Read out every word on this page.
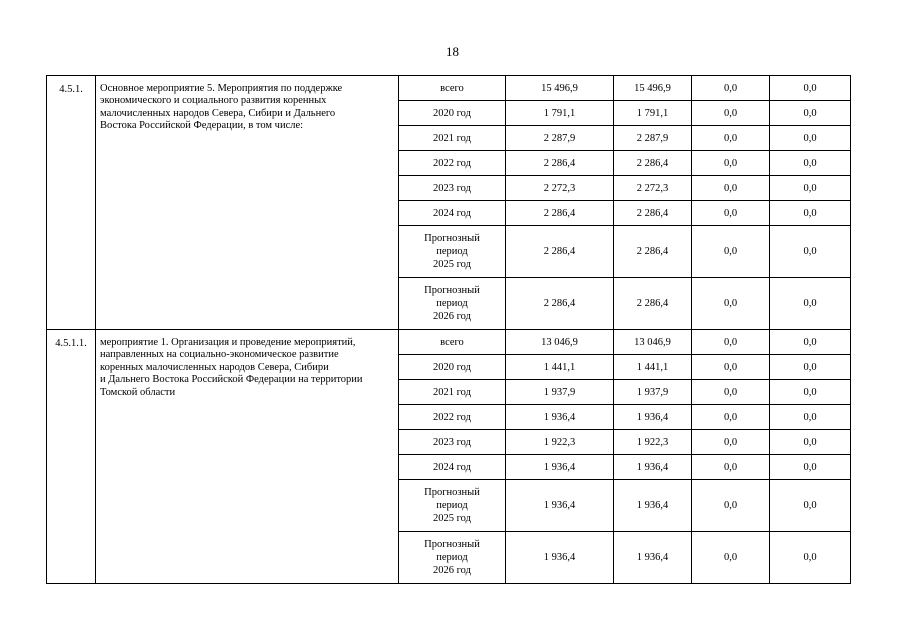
18
4.5.1.	Основное мероприятие 5. Мероприятия по поддержке
экономического и социального развития коренных
малочисленных народов Севера, Сибири и Дальнего
Востока Российской Федерации, в том числе:	всего	15 496,9	15 496,9	0,0	0,0
		2020 год	1 791,1	1 791,1	0,0	0,0
		2021 год	2 287,9	2 287,9	0,0	0,0
		2022 год	2 286,4	2 286,4	0,0	0,0
		2023 год	2 272,3	2 272,3	0,0	0,0
		2024 год	2 286,4	2 286,4	0,0	0,0
		Прогнозный
период
2025 год	2 286,4	2 286,4	0,0	0,0
		Прогнозный
период
2026 год	2 286,4	2 286,4	0,0	0,0
4.5.1.1.	мероприятие 1. Организация и проведение мероприятий,
направленных на социально-экономическое развитие
коренных малочисленных народов Севера, Сибири
и Дальнего Востока Российской Федерации на территории
Томской области	всего	13 046,9	13 046,9	0,0	0,0
		2020 год	1 441,1	1 441,1	0,0	0,0
		2021 год	1 937,9	1 937,9	0,0	0,0
		2022 год	1 936,4	1 936,4	0,0	0,0
		2023 год	1 922,3	1 922,3	0,0	0,0
		2024 год	1 936,4	1 936,4	0,0	0,0
		Прогнозный
период
2025 год	1 936,4	1 936,4	0,0	0,0
		Прогнозный
период
2026 год	1 936,4	1 936,4	0,0	0,0
